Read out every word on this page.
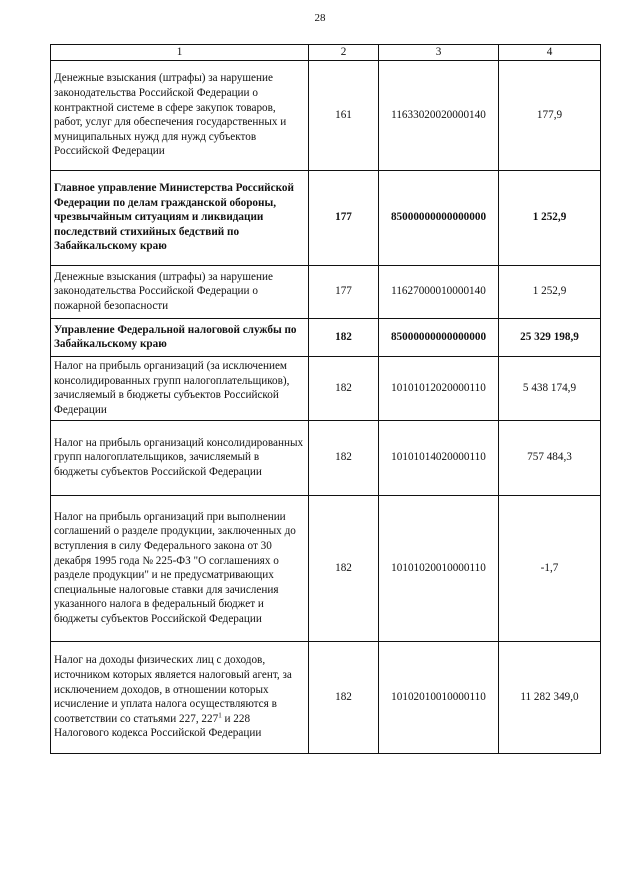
28
1	2	3	4
Денежные взыскания (штрафы) за нарушение законодательства Российской Федерации о контрактной системе в сфере закупок товаров, работ, услуг для обеспечения государственных и муниципальных нужд для нужд субъектов Российской Федерации	161	11633020020000140	177,9
Главное управление Министерства Российской Федерации по делам гражданской обороны, чрезвычайным ситуациям и ликвидации последствий стихийных бедствий по Забайкальскому краю	177	85000000000000000	1 252,9
Денежные взыскания (штрафы) за нарушение законодательства Российской Федерации о пожарной безопасности	177	11627000010000140	1 252,9
Управление Федеральной налоговой службы по Забайкальскому краю	182	85000000000000000	25 329 198,9
Налог на прибыль организаций (за исключением консолидированных групп налогоплательщиков), зачисляемый в бюджеты субъектов Российской Федерации	182	10101012020000110	5 438 174,9
Налог на прибыль организаций консолидированных групп налогоплательщиков, зачисляемый в бюджеты субъектов Российской Федерации	182	10101014020000110	757 484,3
Налог на прибыль организаций при выполнении соглашений о разделе продукции, заключенных до вступления в силу Федерального закона от 30 декабря 1995 года № 225-ФЗ "О соглашениях о разделе продукции" и не предусматривающих специальные налоговые ставки для зачисления указанного налога в федеральный бюджет и бюджеты субъектов Российской Федерации	182	10101020010000110	-1,7
Налог на доходы физических лиц с доходов, источником которых является налоговый агент, за исключением доходов, в отношении которых исчисление и уплата налога осуществляются в соответствии со статьями 227, $227^1$ и 228 Налогового кодекса Российской Федерации	182	10102010010000110	11 282 349,0
